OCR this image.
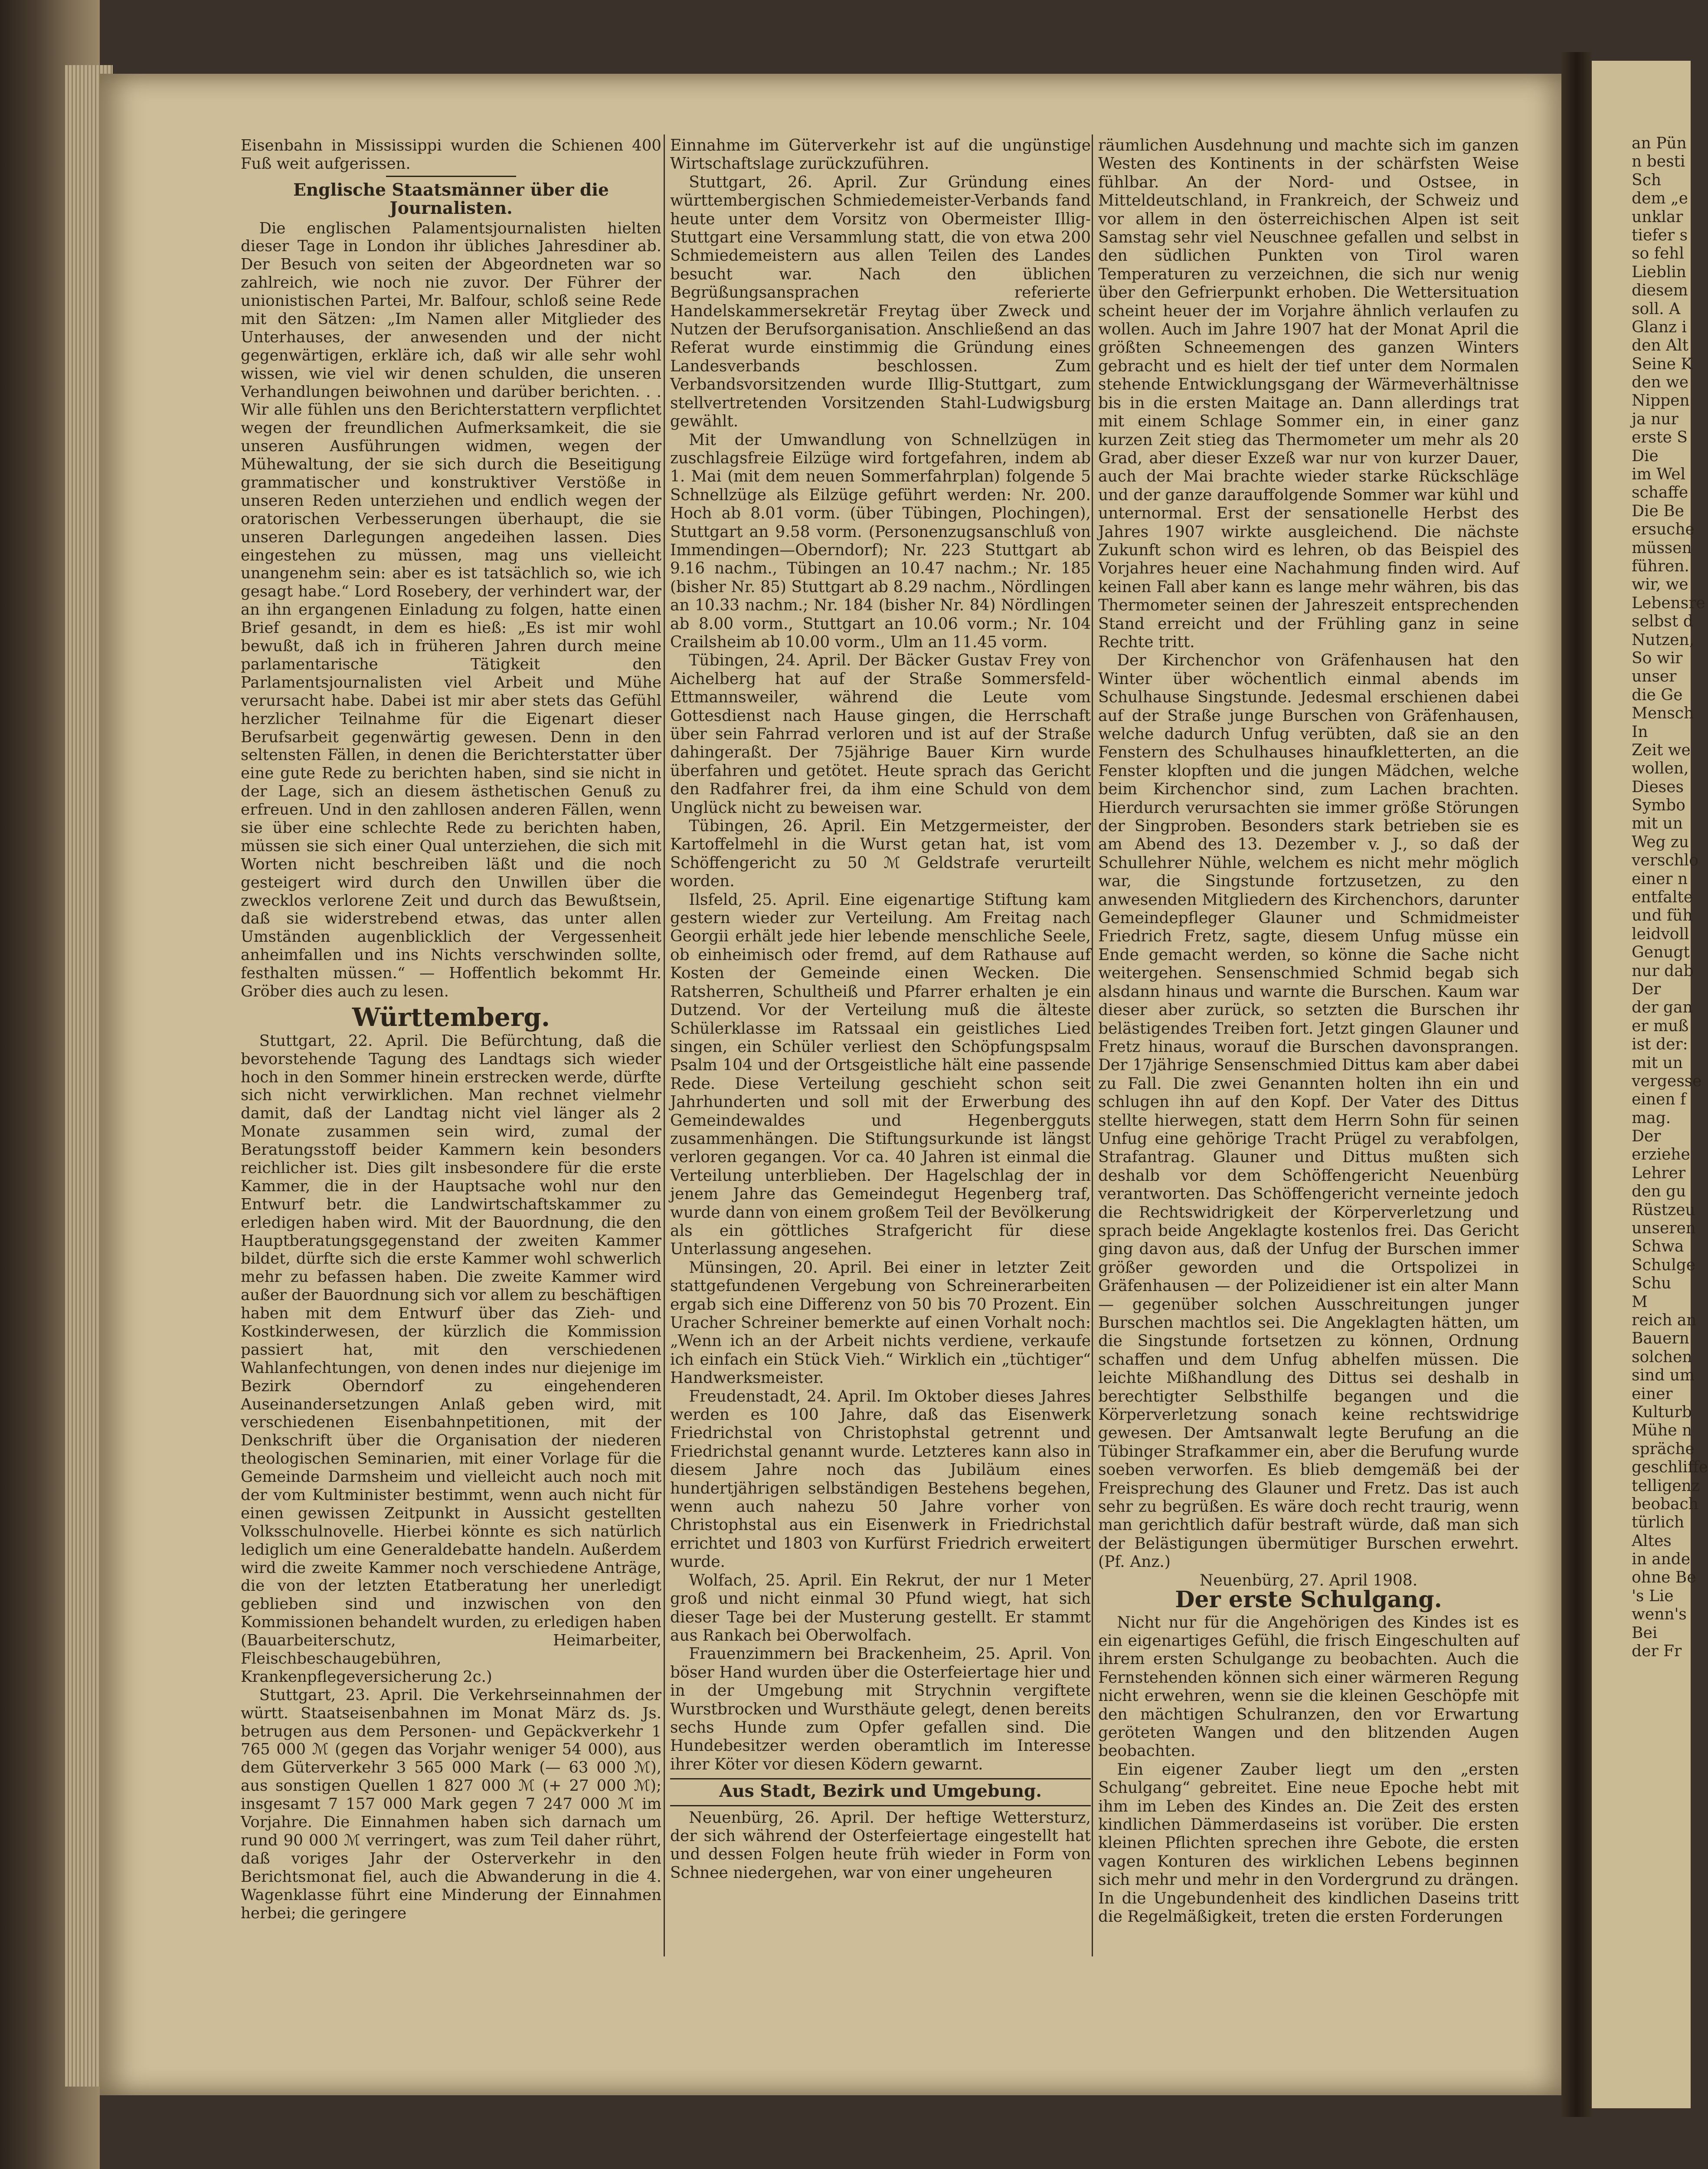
an Pün
n besti
Sch
dem „e
unklar
tiefer s
so fehl
Lieblin
diesem
soll. A
Glanz i
den Alt
Seine K
den we
Nippen
ja nur
erste S
Die
im Wel
schaffe
Die Be
ersuche
müssen
führen.
wir, we
Lebensre
selbst d
Nutzen,
So wir
unser
die Ge
Mensch
In
Zeit we
wollen,
Dieses
Symbo
mit un
Weg zu
verschlo
einer n
entfalte
und füh
leidvoll
Genugt
nur dab
Der
der gan
er muß
ist der:
mit un
vergesse
einen f
mag.
Der
erziehe
Lehrer
den gu
Rüstzeu
unseren
Schwa
Schulge
Schu
M
reich an
Bauern
solchen
sind um
einer
Kulturb
Mühe n
spräche
geschliffe
telligenz
beobach
türlich
Altes
in ande
ohne Be
's Lie
wenn's
Bei
der Fr

Eisenbahn in Mississippi wurden die Schienen 400 Fuß weit aufgerissen.

Englische Staatsmänner über die Journalisten.

Die englischen Palamentsjournalisten hielten dieser Tage in London ihr übliches Jahresdiner ab. Der Besuch von seiten der Abgeordneten war so zahlreich, wie noch nie zuvor. Der Führer der unionistischen Partei, Mr. Balfour, schloß seine Rede mit den Sätzen: „Im Namen aller Mitglieder des Unterhauses, der anwesenden und der nicht gegenwärtigen, erkläre ich, daß wir alle sehr wohl wissen, wie viel wir denen schulden, die unseren Verhandlungen beiwohnen und darüber berichten. . . Wir alle fühlen uns den Berichterstattern verpflichtet wegen der freundlichen Aufmerksamkeit, die sie unseren Ausführungen widmen, wegen der Mühewaltung, der sie sich durch die Beseitigung grammatischer und konstruktiver Verstöße in unseren Reden unterziehen und endlich wegen der oratorischen Verbesserungen überhaupt, die sie unseren Darlegungen angedeihen lassen. Dies eingestehen zu müssen, mag uns vielleicht unangenehm sein: aber es ist tatsächlich so, wie ich gesagt habe.“ Lord Rosebery, der verhindert war, der an ihn ergangenen Einladung zu folgen, hatte einen Brief gesandt, in dem es hieß: „Es ist mir wohl bewußt, daß ich in früheren Jahren durch meine parlamentarische Tätigkeit den Parlamentsjournalisten viel Arbeit und Mühe verursacht habe. Dabei ist mir aber stets das Gefühl herzlicher Teilnahme für die Eigenart dieser Berufsarbeit gegenwärtig gewesen. Denn in den seltensten Fällen, in denen die Berichterstatter über eine gute Rede zu berichten haben, sind sie nicht in der Lage, sich an diesem ästhetischen Genuß zu erfreuen. Und in den zahllosen anderen Fällen, wenn sie über eine schlechte Rede zu berichten haben, müssen sie sich einer Qual unterziehen, die sich mit Worten nicht beschreiben läßt und die noch gesteigert wird durch den Unwillen über die zwecklos verlorene Zeit und durch das Bewußtsein, daß sie widerstrebend etwas, das unter allen Umständen augenblicklich der Vergessenheit anheimfallen und ins Nichts verschwinden sollte, festhalten müssen.“ — Hoffentlich bekommt Hr. Gröber dies auch zu lesen.

Württemberg.

Stuttgart, 22. April. Die Befürchtung, daß die bevorstehende Tagung des Landtags sich wieder hoch in den Sommer hinein erstrecken werde, dürfte sich nicht verwirklichen. Man rechnet vielmehr damit, daß der Landtag nicht viel länger als 2 Monate zusammen sein wird, zumal der Beratungsstoff beider Kammern kein besonders reichlicher ist. Dies gilt insbesondere für die erste Kammer, die in der Hauptsache wohl nur den Entwurf betr. die Landwirtschaftskammer zu erledigen haben wird. Mit der Bauordnung, die den Hauptberatungsgegenstand der zweiten Kammer bildet, dürfte sich die erste Kammer wohl schwerlich mehr zu befassen haben. Die zweite Kammer wird außer der Bauordnung sich vor allem zu beschäftigen haben mit dem Entwurf über das Zieh- und Kostkinderwesen, der kürzlich die Kommission passiert hat, mit den verschiedenen Wahlanfechtungen, von denen indes nur diejenige im Bezirk Oberndorf zu eingehenderen Auseinandersetzungen Anlaß geben wird, mit verschiedenen Eisenbahnpetitionen, mit der Denkschrift über die Organisation der niederen theologischen Seminarien, mit einer Vorlage für die Gemeinde Darmsheim und vielleicht auch noch mit der vom Kultminister bestimmt, wenn auch nicht für einen gewissen Zeitpunkt in Aussicht gestellten Volksschulnovelle. Hierbei könnte es sich natürlich lediglich um eine Generaldebatte handeln. Außerdem wird die zweite Kammer noch verschiedene Anträge, die von der letzten Etatberatung her unerledigt geblieben sind und inzwischen von den Kommissionen behandelt wurden, zu erledigen haben (Bauarbeiterschutz, Heimarbeiter, Fleischbeschaugebühren, Krankenpflegeversicherung 2c.)

Stuttgart, 23. April. Die Verkehrseinnahmen der württ. Staatseisenbahnen im Monat März ds. Js. betrugen aus dem Personen- und Gepäckverkehr 1 765 000 ℳ (gegen das Vorjahr weniger 54 000), aus dem Güterverkehr 3 565 000 Mark (— 63 000 ℳ), aus sonstigen Quellen 1 827 000 ℳ (+ 27 000 ℳ); insgesamt 7 157 000 Mark gegen 7 247 000 ℳ im Vorjahre. Die Einnahmen haben sich darnach um rund 90 000 ℳ verringert, was zum Teil daher rührt, daß voriges Jahr der Osterverkehr in den Berichtsmonat fiel, auch die Abwanderung in die 4. Wagenklasse führt eine Minderung der Einnahmen herbei; die geringere

Einnahme im Güterverkehr ist auf die ungünstige Wirtschaftslage zurückzuführen.

Stuttgart, 26. April. Zur Gründung eines württembergischen Schmiedemeister-Verbands fand heute unter dem Vorsitz von Obermeister Illig-Stuttgart eine Versammlung statt, die von etwa 200 Schmiedemeistern aus allen Teilen des Landes besucht war. Nach den üblichen Begrüßungsansprachen referierte Handelskammersekretär Freytag über Zweck und Nutzen der Berufsorganisation. Anschließend an das Referat wurde einstimmig die Gründung eines Landesverbands beschlossen. Zum Verbandsvorsitzenden wurde Illig-Stuttgart, zum stellvertretenden Vorsitzenden Stahl-Ludwigsburg gewählt.

Mit der Umwandlung von Schnellzügen in zuschlagsfreie Eilzüge wird fortgefahren, indem ab 1. Mai (mit dem neuen Sommerfahrplan) folgende 5 Schnellzüge als Eilzüge geführt werden: Nr. 200. Hoch ab 8.01 vorm. (über Tübingen, Plochingen), Stuttgart an 9.58 vorm. (Personenzugsanschluß von Immendingen—Oberndorf); Nr. 223 Stuttgart ab 9.16 nachm., Tübingen an 10.47 nachm.; Nr. 185 (bisher Nr. 85) Stuttgart ab 8.29 nachm., Nördlingen an 10.33 nachm.; Nr. 184 (bisher Nr. 84) Nördlingen ab 8.00 vorm., Stuttgart an 10.06 vorm.; Nr. 104 Crailsheim ab 10.00 vorm., Ulm an 11.45 vorm.

Tübingen, 24. April. Der Bäcker Gustav Frey von Aichelberg hat auf der Straße Sommersfeld-Ettmannsweiler, während die Leute vom Gottesdienst nach Hause gingen, die Herrschaft über sein Fahrrad verloren und ist auf der Straße dahingeraßt. Der 75jährige Bauer Kirn wurde überfahren und getötet. Heute sprach das Gericht den Radfahrer frei, da ihm eine Schuld von dem Unglück nicht zu beweisen war.

Tübingen, 26. April. Ein Metzgermeister, der Kartoffelmehl in die Wurst getan hat, ist vom Schöffengericht zu 50 ℳ Geldstrafe verurteilt worden.

Ilsfeld, 25. April. Eine eigenartige Stiftung kam gestern wieder zur Verteilung. Am Freitag nach Georgii erhält jede hier lebende menschliche Seele, ob einheimisch oder fremd, auf dem Rathause auf Kosten der Gemeinde einen Wecken. Die Ratsherren, Schultheiß und Pfarrer erhalten je ein Dutzend. Vor der Verteilung muß die älteste Schülerklasse im Ratssaal ein geistliches Lied singen, ein Schüler verliest den Schöpfungspsalm Psalm 104 und der Ortsgeistliche hält eine passende Rede. Diese Verteilung geschieht schon seit Jahrhunderten und soll mit der Erwerbung des Gemeindewaldes und Hegenbergguts zusammenhängen. Die Stiftungsurkunde ist längst verloren gegangen. Vor ca. 40 Jahren ist einmal die Verteilung unterblieben. Der Hagelschlag der in jenem Jahre das Gemeindegut Hegenberg traf, wurde dann von einem großem Teil der Bevölkerung als ein göttliches Strafgericht für diese Unterlassung angesehen.

Münsingen, 20. April. Bei einer in letzter Zeit stattgefundenen Vergebung von Schreinerarbeiten ergab sich eine Differenz von 50 bis 70 Prozent. Ein Uracher Schreiner bemerkte auf einen Vorhalt noch: „Wenn ich an der Arbeit nichts verdiene, verkaufe ich einfach ein Stück Vieh.“ Wirklich ein „tüchtiger“ Handwerksmeister.

Freudenstadt, 24. April. Im Oktober dieses Jahres werden es 100 Jahre, daß das Eisenwerk Friedrichstal von Christophstal getrennt und Friedrichstal genannt wurde. Letzteres kann also in diesem Jahre noch das Jubiläum eines hundertjährigen selbständigen Bestehens begehen, wenn auch nahezu 50 Jahre vorher von Christophstal aus ein Eisenwerk in Friedrichstal errichtet und 1803 von Kurfürst Friedrich erweitert wurde.

Wolfach, 25. April. Ein Rekrut, der nur 1 Meter groß und nicht einmal 30 Pfund wiegt, hat sich dieser Tage bei der Musterung gestellt. Er stammt aus Rankach bei Oberwolfach.

Frauenzimmern bei Brackenheim, 25. April. Von böser Hand wurden über die Osterfeiertage hier und in der Umgebung mit Strychnin vergiftete Wurstbrocken und Wursthäute gelegt, denen bereits sechs Hunde zum Opfer gefallen sind. Die Hundebesitzer werden oberamtlich im Interesse ihrer Köter vor diesen Ködern gewarnt.

Aus Stadt, Bezirk und Umgebung.

Neuenbürg, 26. April. Der heftige Wettersturz, der sich während der Osterfeiertage eingestellt hat und dessen Folgen heute früh wieder in Form von Schnee niedergehen, war von einer ungeheuren

räumlichen Ausdehnung und machte sich im ganzen Westen des Kontinents in der schärfsten Weise fühlbar. An der Nord- und Ostsee, in Mitteldeutschland, in Frankreich, der Schweiz und vor allem in den österreichischen Alpen ist seit Samstag sehr viel Neuschnee gefallen und selbst in den südlichen Punkten von Tirol waren Temperaturen zu verzeichnen, die sich nur wenig über den Gefrierpunkt erhoben. Die Wettersituation scheint heuer der im Vorjahre ähnlich verlaufen zu wollen. Auch im Jahre 1907 hat der Monat April die größten Schneemengen des ganzen Winters gebracht und es hielt der tief unter dem Normalen stehende Entwicklungsgang der Wärmeverhältnisse bis in die ersten Maitage an. Dann allerdings trat mit einem Schlage Sommer ein, in einer ganz kurzen Zeit stieg das Thermometer um mehr als 20 Grad, aber dieser Exzeß war nur von kurzer Dauer, auch der Mai brachte wieder starke Rückschläge und der ganze darauffolgende Sommer war kühl und unternormal. Erst der sensationelle Herbst des Jahres 1907 wirkte ausgleichend. Die nächste Zukunft schon wird es lehren, ob das Beispiel des Vorjahres heuer eine Nachahmung finden wird. Auf keinen Fall aber kann es lange mehr währen, bis das Thermometer seinen der Jahreszeit entsprechenden Stand erreicht und der Frühling ganz in seine Rechte tritt.

Der Kirchenchor von Gräfenhausen hat den Winter über wöchentlich einmal abends im Schulhause Singstunde. Jedesmal erschienen dabei auf der Straße junge Burschen von Gräfenhausen, welche dadurch Unfug verübten, daß sie an den Fenstern des Schulhauses hinaufkletterten, an die Fenster klopften und die jungen Mädchen, welche beim Kirchenchor sind, zum Lachen brachten. Hierdurch verursachten sie immer größe Störungen der Singproben. Besonders stark betrieben sie es am Abend des 13. Dezember v. J., so daß der Schullehrer Nühle, welchem es nicht mehr möglich war, die Singstunde fortzusetzen, zu den anwesenden Mitgliedern des Kirchenchors, darunter Gemeindepfleger Glauner und Schmidmeister Friedrich Fretz, sagte, diesem Unfug müsse ein Ende gemacht werden, so könne die Sache nicht weitergehen. Sensenschmied Schmid begab sich alsdann hinaus und warnte die Burschen. Kaum war dieser aber zurück, so setzten die Burschen ihr belästigendes Treiben fort. Jetzt gingen Glauner und Fretz hinaus, worauf die Burschen davonsprangen. Der 17jährige Sensenschmied Dittus kam aber dabei zu Fall. Die zwei Genannten holten ihn ein und schlugen ihn auf den Kopf. Der Vater des Dittus stellte hierwegen, statt dem Herrn Sohn für seinen Unfug eine gehörige Tracht Prügel zu verabfolgen, Strafantrag. Glauner und Dittus mußten sich deshalb vor dem Schöffengericht Neuenbürg verantworten. Das Schöffengericht verneinte jedoch die Rechtswidrigkeit der Körperverletzung und sprach beide Angeklagte kostenlos frei. Das Gericht ging davon aus, daß der Unfug der Burschen immer größer geworden und die Ortspolizei in Gräfenhausen — der Polizeidiener ist ein alter Mann — gegenüber solchen Ausschreitungen junger Burschen machtlos sei. Die Angeklagten hätten, um die Singstunde fortsetzen zu können, Ordnung schaffen und dem Unfug abhelfen müssen. Die leichte Mißhandlung des Dittus sei deshalb in berechtigter Selbsthilfe begangen und die Körperverletzung sonach keine rechtswidrige gewesen. Der Amtsanwalt legte Berufung an die Tübinger Strafkammer ein, aber die Berufung wurde soeben verworfen. Es blieb demgemäß bei der Freisprechung des Glauner und Fretz. Das ist auch sehr zu begrüßen. Es wäre doch recht traurig, wenn man gerichtlich dafür bestraft würde, daß man sich der Belästigungen übermütiger Burschen erwehrt. (Pf. Anz.)

Neuenbürg, 27. April 1908.

Der erste Schulgang.

Nicht nur für die Angehörigen des Kindes ist es ein eigenartiges Gefühl, die frisch Eingeschulten auf ihrem ersten Schulgange zu beobachten. Auch die Fernstehenden können sich einer wärmeren Regung nicht erwehren, wenn sie die kleinen Geschöpfe mit den mächtigen Schulranzen, den vor Erwartung geröteten Wangen und den blitzenden Augen beobachten.

Ein eigener Zauber liegt um den „ersten Schulgang“ gebreitet. Eine neue Epoche hebt mit ihm im Leben des Kindes an. Die Zeit des ersten kindlichen Dämmerdaseins ist vorüber. Die ersten kleinen Pflichten sprechen ihre Gebote, die ersten vagen Konturen des wirklichen Lebens beginnen sich mehr und mehr in den Vordergrund zu drängen. In die Ungebundenheit des kindlichen Daseins tritt die Regelmäßigkeit, treten die ersten Forderungen
